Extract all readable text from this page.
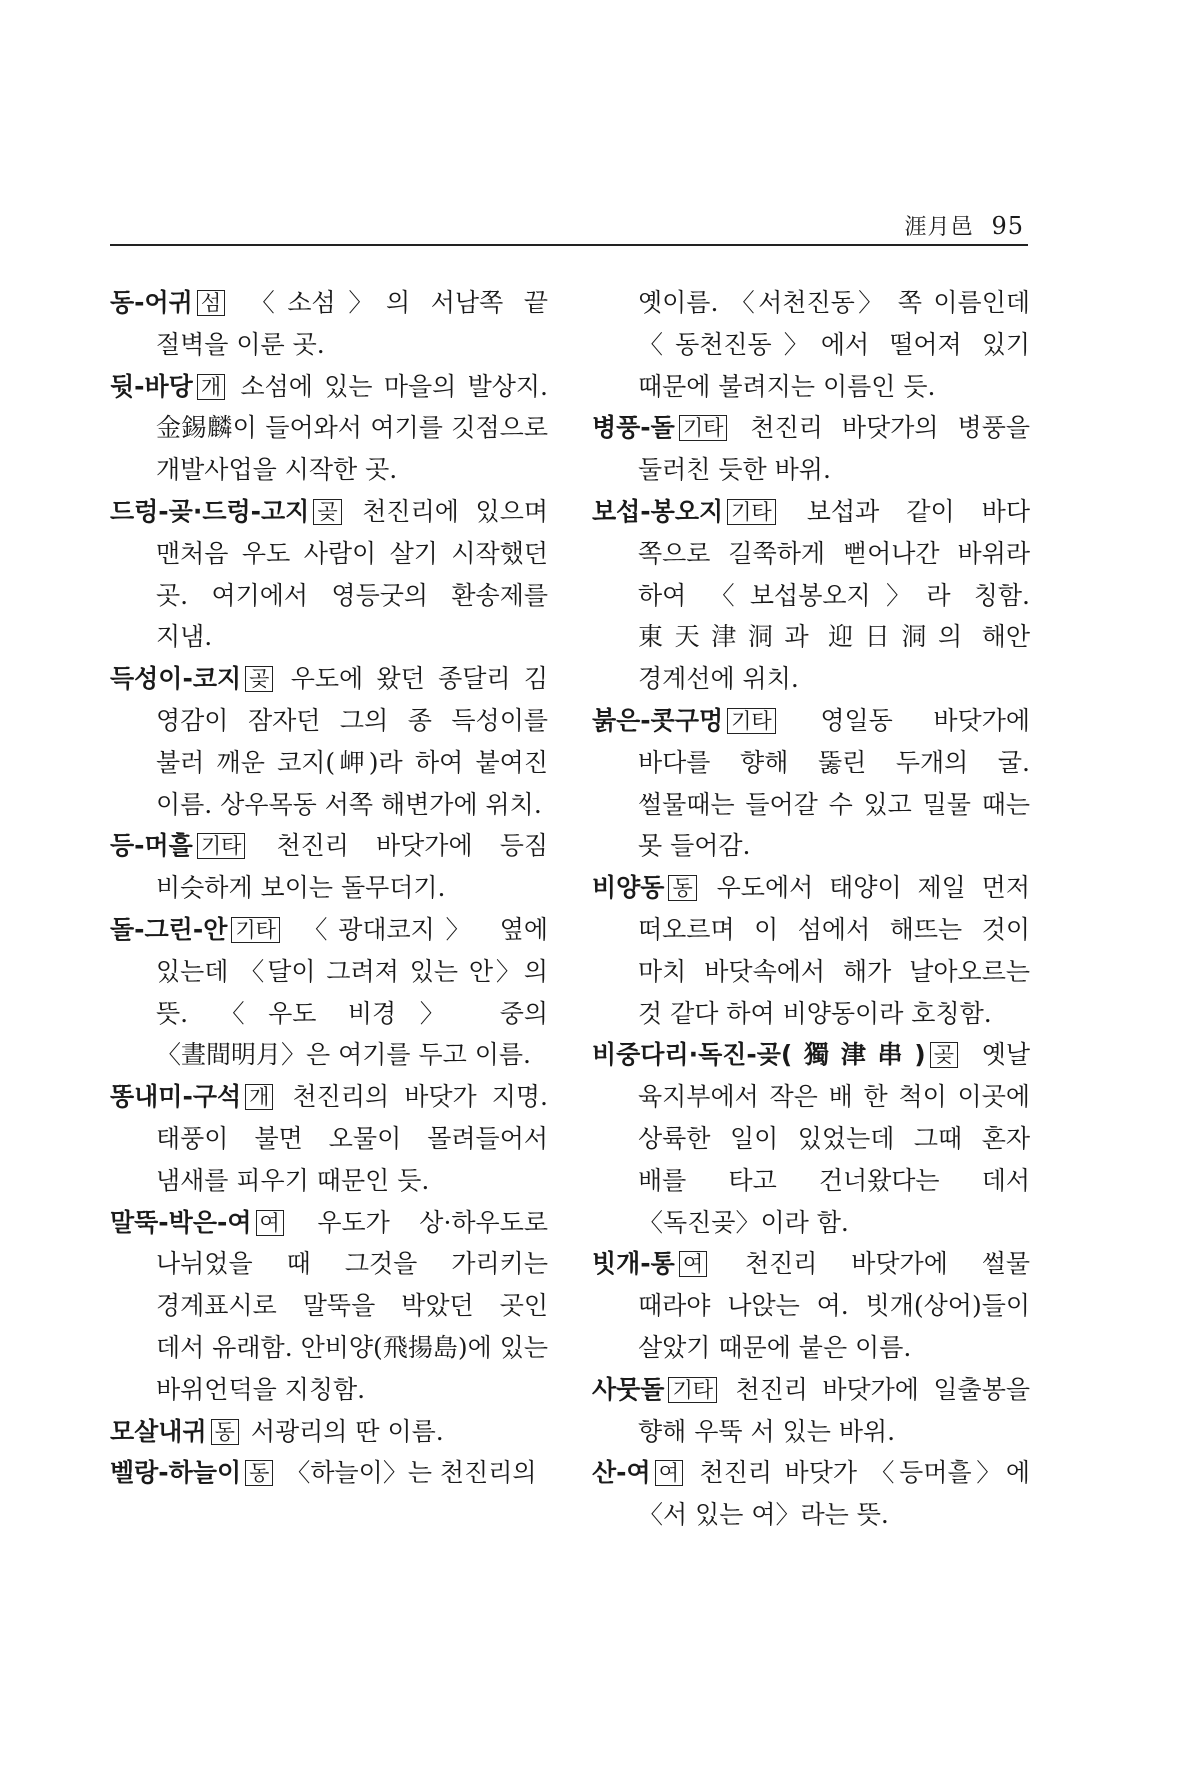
涯月邑 95

동-어귀 섬 〈소섬〉의 서남쪽 끝 절벽을 이룬 곳.

뒷-바당 개 소섬에 있는 마을의 발상지. 金錫麟이 들어와서 여기를 깃점으로 개발사업을 시작한 곳.

드렁-곶·드렁-고지 곶 천진리에 있으며 맨처음 우도 사람이 살기 시작했던 곳. 여기에서 영등굿의 환송제를 지냄.

득성이-코지 곶 우도에 왔던 종달리 김 영감이 잠자던 그의 종 득성이를 불러 깨운 코지(岬)라 하여 붙여진 이름. 상우목동 서쪽 해변가에 위치.

등-머흘 기타 천진리 바닷가에 등짐 비슷하게 보이는 돌무더기.

돌-그린-안 기타 〈광대코지〉 옆에 있는데 〈달이 그려져 있는 안〉의 뜻. 〈우도 비경〉 중의 〈晝間明月〉은 여기를 두고 이름.

똥내미-구석 개 천진리의 바닷가 지명. 태풍이 불면 오물이 몰려들어서 냄새를 피우기 때문인 듯.

말뚝-박은-여 여 우도가 상·하우도로 나뉘었을 때 그것을 가리키는 경계표시로 말뚝을 박았던 곳인 데서 유래함. 안비양(飛揚島)에 있는 바위언덕을 지칭함.

모살내귀 동 서광리의 딴 이름.

벨랑-하늘이 동 〈하늘이〉는 천진리의

옛이름. 〈서천진동〉 쪽 이름인데 〈동천진동〉에서 떨어져 있기 때문에 불려지는 이름인 듯.

병풍-돌 기타 천진리 바닷가의 병풍을 둘러친 듯한 바위.

보섭-봉오지 기타 보섭과 같이 바다 쪽으로 길쭉하게 뻗어나간 바위라 하여 〈보섭봉오지〉라 칭함. 東天津洞과 迎日洞의 해안 경계선에 위치.

붉은-콧구멍 기타 영일동 바닷가에 바다를 향해 뚫린 두개의 굴. 썰물때는 들어갈 수 있고 밀물 때는 못 들어감.

비양동 동 우도에서 태양이 제일 먼저 떠오르며 이 섬에서 해뜨는 것이 마치 바닷속에서 해가 날아오르는 것 같다 하여 비양동이라 호칭함.

비중다리·독진-곶(獨津串) 곶 옛날 육지부에서 작은 배 한 척이 이곳에 상륙한 일이 있었는데 그때 혼자 배를 타고 건너왔다는 데서 〈독진곶〉이라 함.

빗개-통 여 천진리 바닷가에 썰물 때라야 나앉는 여. 빗개(상어)들이 살았기 때문에 붙은 이름.

사뭇돌 기타 천진리 바닷가에 일출봉을 향해 우뚝 서 있는 바위.

산-여 여 천진리 바닷가 〈등머흘〉에 〈서 있는 여〉라는 뜻.
